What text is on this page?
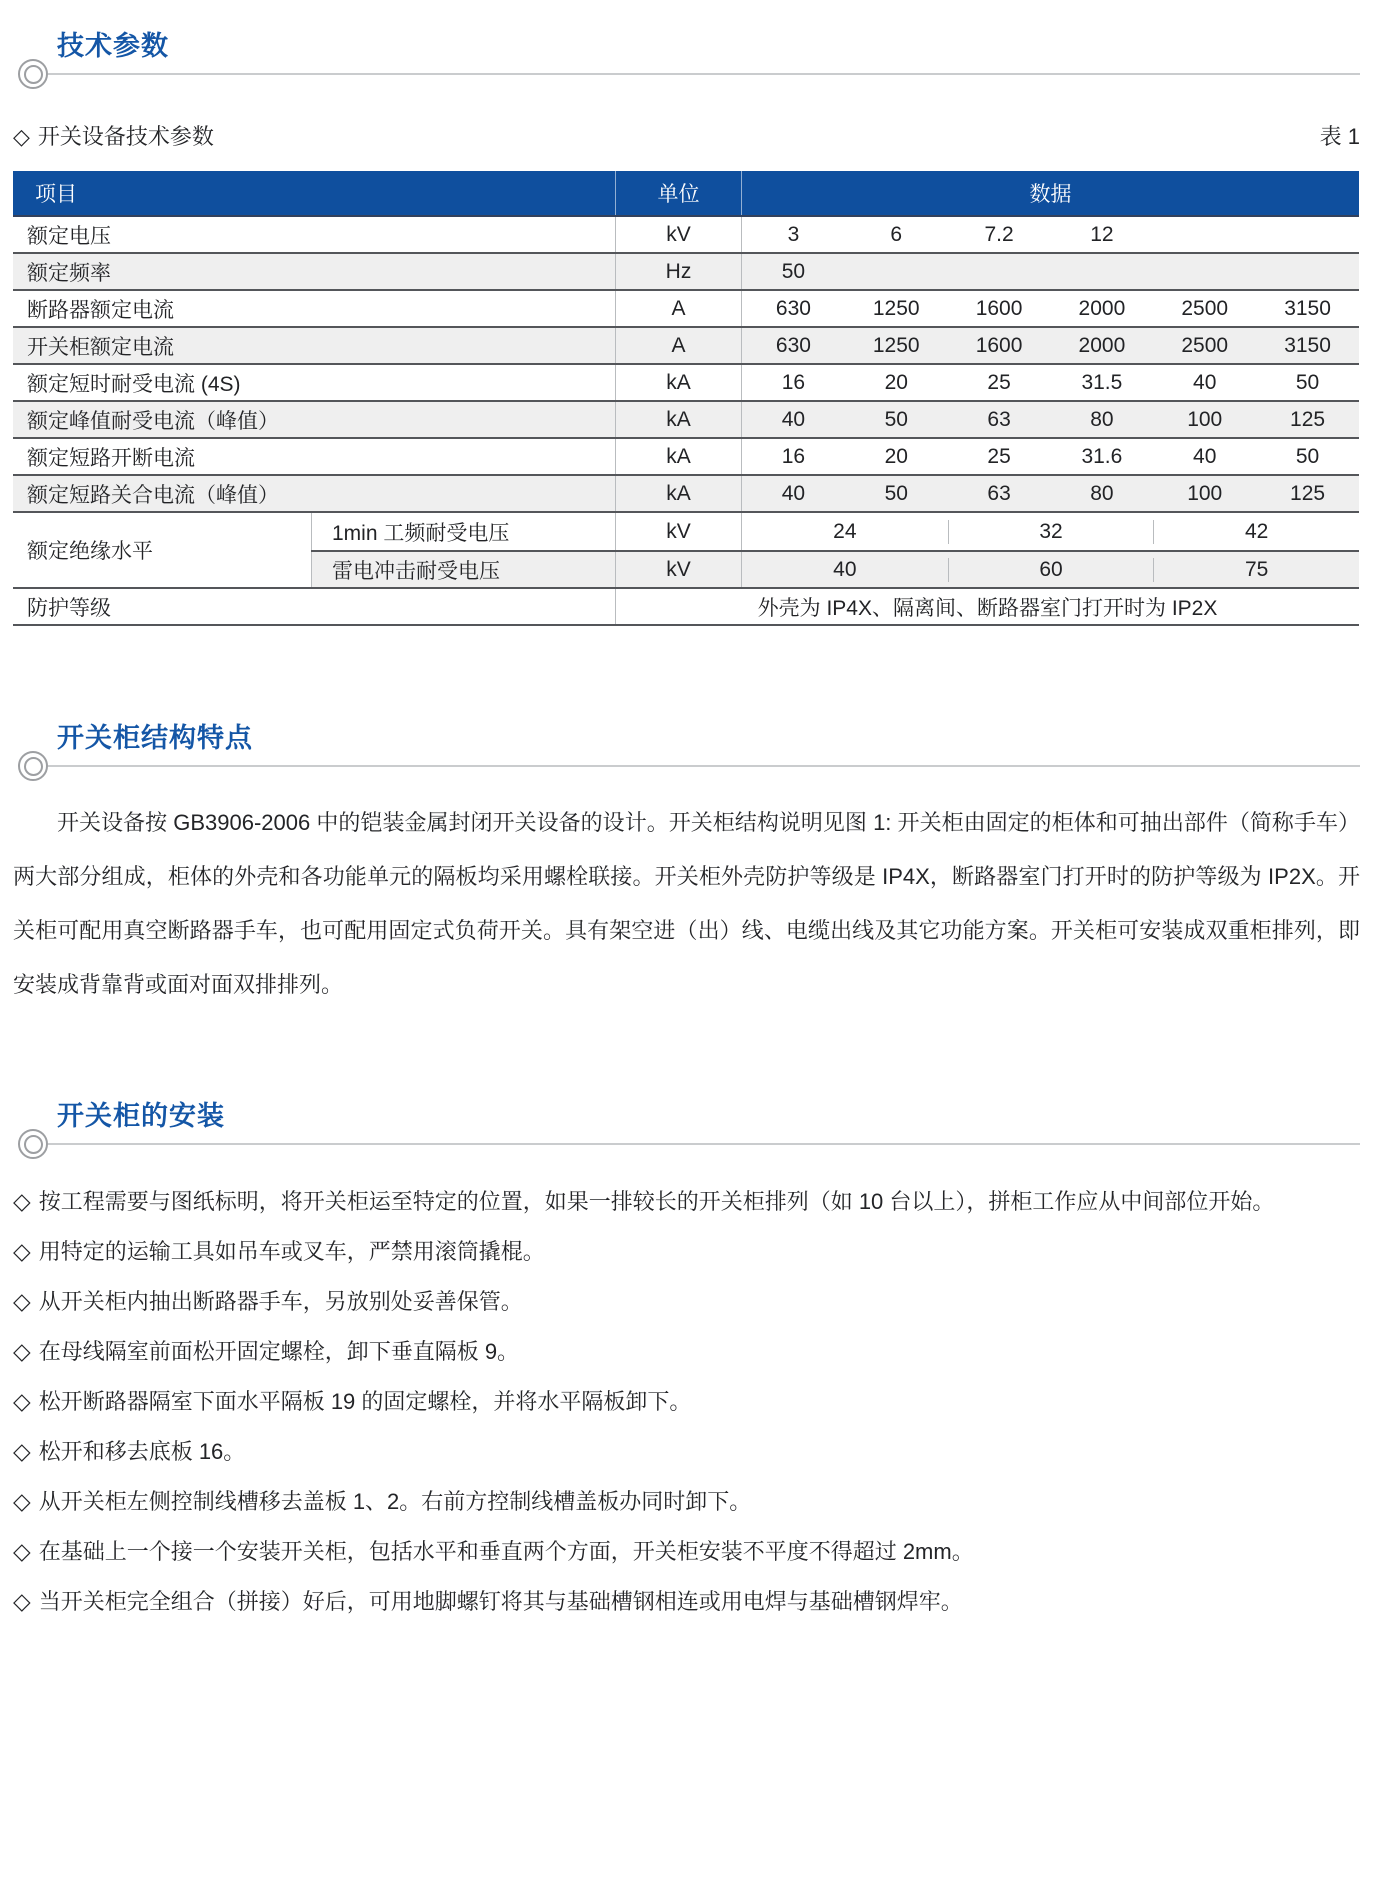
技术参数
◇ 开关设备技术参数	表 1
项目	单位	数据
额定电压	kV	3	6	7.2	12
额定频率	Hz	50
断路器额定电流	A	630	1250	1600	2000	2500	3150
开关柜额定电流	A	630	1250	1600	2000	2500	3150
额定短时耐受电流 (4S)	kA	16	20	25	31.5	40	50
额定峰值耐受电流（峰值）	kA	40	50	63	80	100	125
额定短路开断电流	kA	16	20	25	31.6	40	50
额定短路关合电流（峰值）	kA	40	50	63	80	100	125
额定绝缘水平
1min 工频耐受电压	kV	24	32	42
雷电冲击耐受电压	kV	40	60	75
防护等级	外壳为 IP4X、隔离间、断路器室门打开时为 IP2X
开关柜结构特点

开关设备按 GB3906-2006 中的铠装金属封闭开关设备的设计。开关柜结构说明见图 1: 开关柜由固定的柜体和可抽出部件（简称手车）两大部分组成，柜体的外壳和各功能单元的隔板均采用螺栓联接。开关柜外壳防护等级是 IP4X，断路器室门打开时的防护等级为 IP2X。开关柜可配用真空断路器手车，也可配用固定式负荷开关。具有架空进（出）线、电缆出线及其它功能方案。开关柜可安装成双重柜排列，即安装成背靠背或面对面双排排列。

开关柜的安装
◇ 按工程需要与图纸标明，将开关柜运至特定的位置，如果一排较长的开关柜排列（如 10 台以上），拼柜工作应从中间部位开始。
◇ 用特定的运输工具如吊车或叉车，严禁用滚筒撬棍。
◇ 从开关柜内抽出断路器手车，另放别处妥善保管。
◇ 在母线隔室前面松开固定螺栓，卸下垂直隔板 9。
◇ 松开断路器隔室下面水平隔板 19 的固定螺栓，并将水平隔板卸下。
◇ 松开和移去底板 16。
◇ 从开关柜左侧控制线槽移去盖板 1、2。右前方控制线槽盖板办同时卸下。
◇ 在基础上一个接一个安装开关柜，包括水平和垂直两个方面，开关柜安装不平度不得超过 2mm。
◇ 当开关柜完全组合（拼接）好后，可用地脚螺钉将其与基础槽钢相连或用电焊与基础槽钢焊牢。
